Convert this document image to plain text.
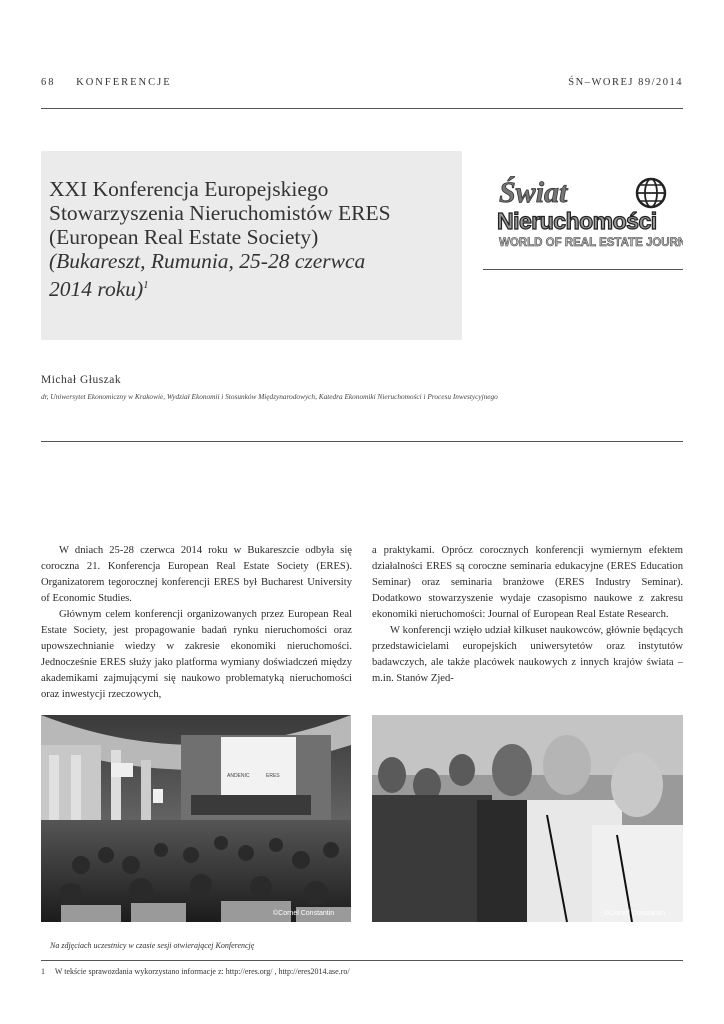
68 KONFERENCJE	ŚN–WOREJ 89/2014
XXI Konferencja Europejskiego
Stowarzyszenia Nieruchomistów ERES
(European Real Estate Society)
(Bukareszt, Rumunia, 25-28 czerwca
2014 roku)$^1$
Świat
Nieruchomości
WORLD OF REAL ESTATE JOURNAL
Michał Głuszak
dr, Uniwersytet Ekonomiczny w Krakowie, Wydział Ekonomii i Stosunków Międzynarodowych, Katedra Ekonomiki Nieruchomości i Procesu Inwestycyjnego

W dniach 25-28 czerwca 2014 roku w Bukareszcie odbyła się coroczna 21. Konferencja European Real Estate Society (ERES). Organizatorem tegorocznej konferencji ERES był Bucharest University of Economic Studies.

Głównym celem konferencji organizowanych przez European Real Estate Society, jest propagowanie badań rynku nieruchomości oraz upowszechnianie wiedzy w zakresie ekonomiki nieruchomości. Jednocześnie ERES służy jako platforma wymiany doświadczeń między akademikami zajmującymi się naukowo problematyką nieruchomości oraz inwestycji rzeczowych,

a praktykami. Oprócz corocznych konferencji wymiernym efektem działalności ERES są coroczne seminaria edukacyjne (ERES Education Seminar) oraz seminaria branżowe (ERES Industry Seminar). Dodatkowo stowarzyszenie wydaje czasopismo naukowe z zakresu ekonomiki nieruchomości: Journal of European Real Estate Research.

W konferencji wzięło udział kilkuset naukowców, głównie będących przedstawicielami europejskich uniwersytetów oraz instytutów badawczych, ale także placówek naukowych z innych krajów świata – m.in. Stanów Zjed-

ANDENIC	ERES
©Cornel Constantin	©Cornel Constantin
Na zdjęciach uczestnicy w czasie sesji otwierającej Konferencję
1 W tekście sprawozdania wykorzystano informacje z: http://eres.org/ , http://eres2014.ase.ro/
